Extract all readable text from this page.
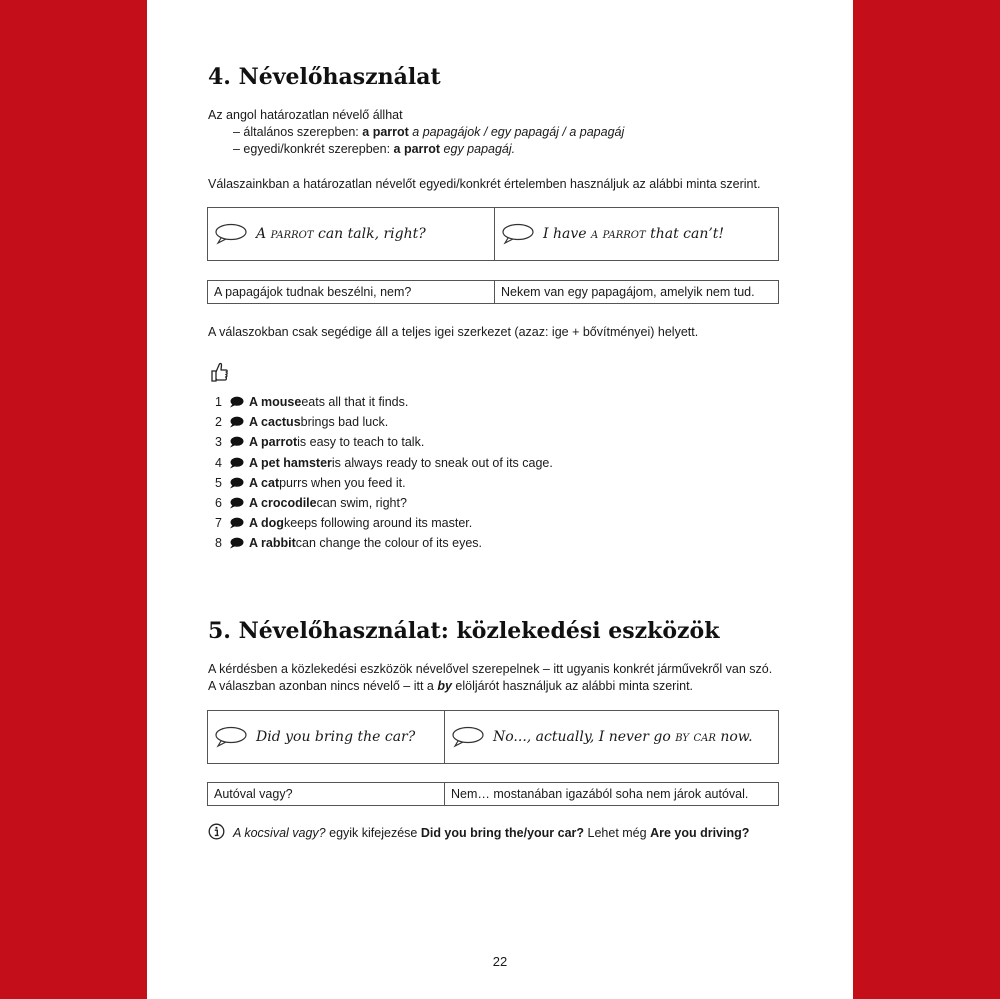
4. Névelőhasználat
Az angol határozatlan névelő állhat
– általános szerepben: a parrot a papagájok / egy papagáj / a papagáj
– egyedi/konkrét szerepben: a parrot egy papagáj.
Válaszainkban a határozatlan névelőt egyedi/konkrét értelemben használjuk az alábbi minta szerint.
A parrot can talk, right?	I have a parrot that can’t!
A papagájok tudnak beszélni, nem?	Nekem van egy papagájom, amelyik nem tud.
A válaszokban csak segédige áll a teljes igei szerkezet (azaz: ige + bővítményei) helyett.
1	A mouse eats all that it finds.
2	A cactus brings bad luck.
3	A parrot is easy to teach to talk.
4	A pet hamster is always ready to sneak out of its cage.
5	A cat purrs when you feed it.
6	A crocodile can swim, right?
7	A dog keeps following around its master.
8	A rabbit can change the colour of its eyes.
5. Névelőhasználat: közlekedési eszközök
A kérdésben a közlekedési eszközök névelővel szerepelnek – itt ugyanis konkrét járművekről van szó.
A válaszban azonban nincs névelő – itt a by elöljárót használjuk az alábbi minta szerint.
Did you bring the car?	No..., actually, I never go by car now.
Autóval vagy?	Nem… mostanában igazából soha nem járok autóval.
A kocsival vagy? egyik kifejezése Did you bring the/your car? Lehet még Are you driving?
22
